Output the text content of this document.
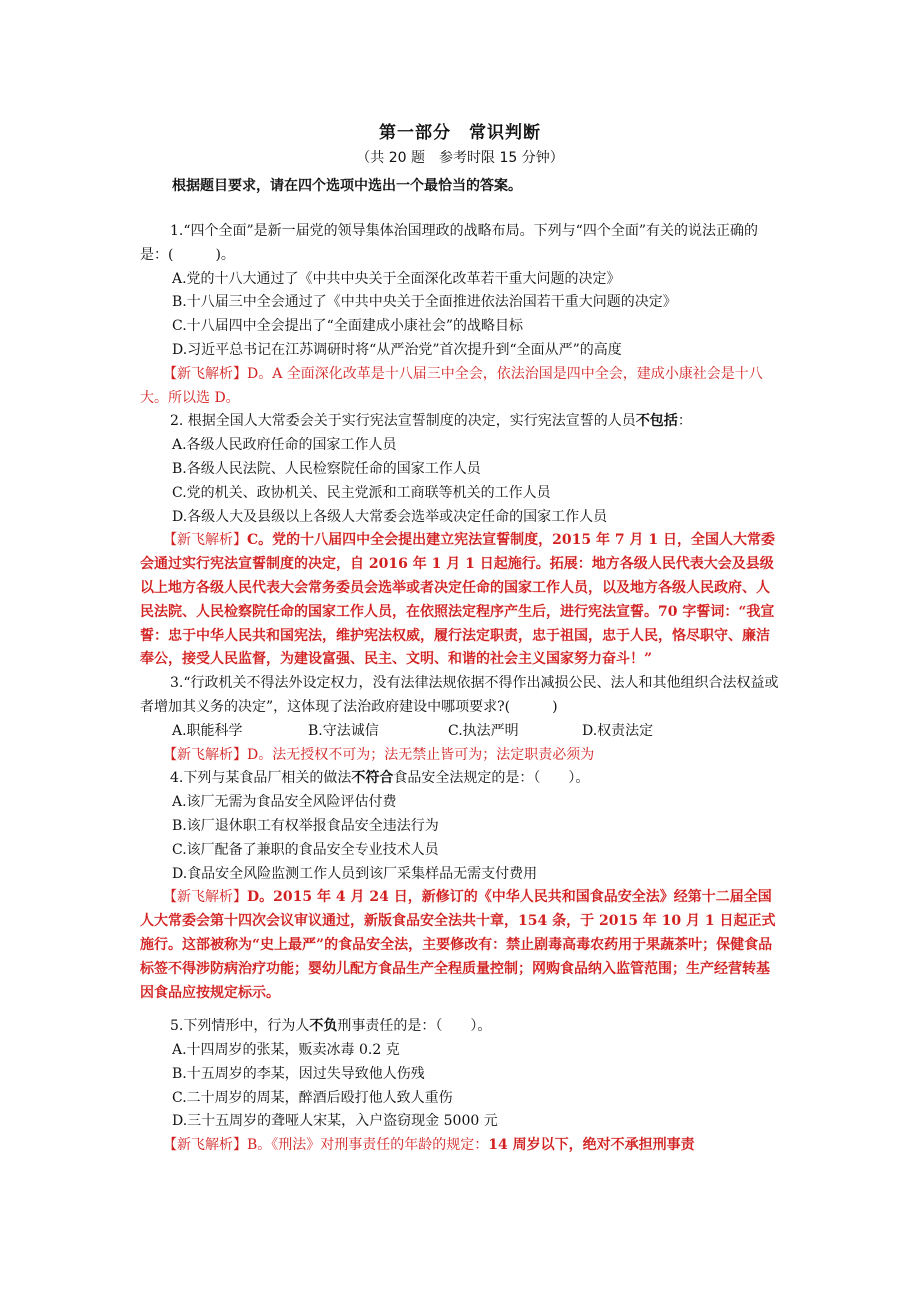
第一部分　常识判断
（共 20 题　参考时限 15 分钟）
根据题目要求，请在四个选项中选出一个最恰当的答案。

1.“四个全面”是新一届党的领导集体治国理政的战略布局。下列与“四个全面”有关的说法正确的是：(　　　)。

A.党的十八大通过了《中共中央关于全面深化改革若干重大问题的决定》

B.十八届三中全会通过了《中共中央关于全面推进依法治国若干重大问题的决定》

C.十八届四中全会提出了“全面建成小康社会”的战略目标

D.习近平总书记在江苏调研时将“从严治党”首次提升到“全面从严”的高度

【新飞解析】D。A 全面深化改革是十八届三中全会，依法治国是四中全会，建成小康社会是十八大。所以选 D。

2. 根据全国人大常委会关于实行宪法宣誓制度的决定，实行宪法宣誓的人员不包括：

A.各级人民政府任命的国家工作人员

B.各级人民法院、人民检察院任命的国家工作人员

C.党的机关、政协机关、民主党派和工商联等机关的工作人员

D.各级人大及县级以上各级人大常委会选举或决定任命的国家工作人员

【新飞解析】C。党的十八届四中全会提出建立宪法宣誓制度，2015 年 7 月 1 日，全国人大常委会通过实行宪法宣誓制度的决定，自 2016 年 1 月 1 日起施行。拓展：地方各级人民代表大会及县级以上地方各级人民代表大会常务委员会选举或者决定任命的国家工作人员，以及地方各级人民政府、人民法院、人民检察院任命的国家工作人员，在依照法定程序产生后，进行宪法宣誓。70 字誓词：“我宣誓：忠于中华人民共和国宪法，维护宪法权威，履行法定职责，忠于祖国，忠于人民，恪尽职守、廉洁奉公，接受人民监督，为建设富强、民主、文明、和谐的社会主义国家努力奋斗！”

3.“行政机关不得法外设定权力，没有法律法规依据不得作出减损公民、法人和其他组织合法权益或者增加其义务的决定”，这体现了法治政府建设中哪项要求?(　　　)

A.职能科学	B.守法诚信	C.执法严明	D.权责法定

【新飞解析】D。法无授权不可为；法无禁止皆可为；法定职责必须为

4.下列与某食品厂相关的做法不符合食品安全法规定的是：（　　）。

A.该厂无需为食品安全风险评估付费

B.该厂退休职工有权举报食品安全违法行为

C.该厂配备了兼职的食品安全专业技术人员

D.食品安全风险监测工作人员到该厂采集样品无需支付费用

【新飞解析】D。2015 年 4 月 24 日，新修订的《中华人民共和国食品安全法》经第十二届全国人大常委会第十四次会议审议通过，新版食品安全法共十章，154 条，于 2015 年 10 月 1 日起正式施行。这部被称为“史上最严”的食品安全法，主要修改有：禁止剧毒高毒农药用于果蔬茶叶；保健食品标签不得涉防病治疗功能；婴幼儿配方食品生产全程质量控制；网购食品纳入监管范围；生产经营转基因食品应按规定标示。

5.下列情形中，行为人不负刑事责任的是：（　　）。

A.十四周岁的张某，贩卖冰毒 0.2 克

B.十五周岁的李某，因过失导致他人伤残

C.二十周岁的周某，醉酒后殴打他人致人重伤

D.三十五周岁的聋哑人宋某，入户盗窃现金 5000 元

【新飞解析】B。《刑法》对刑事责任的年龄的规定：14 周岁以下，绝对不承担刑事责
